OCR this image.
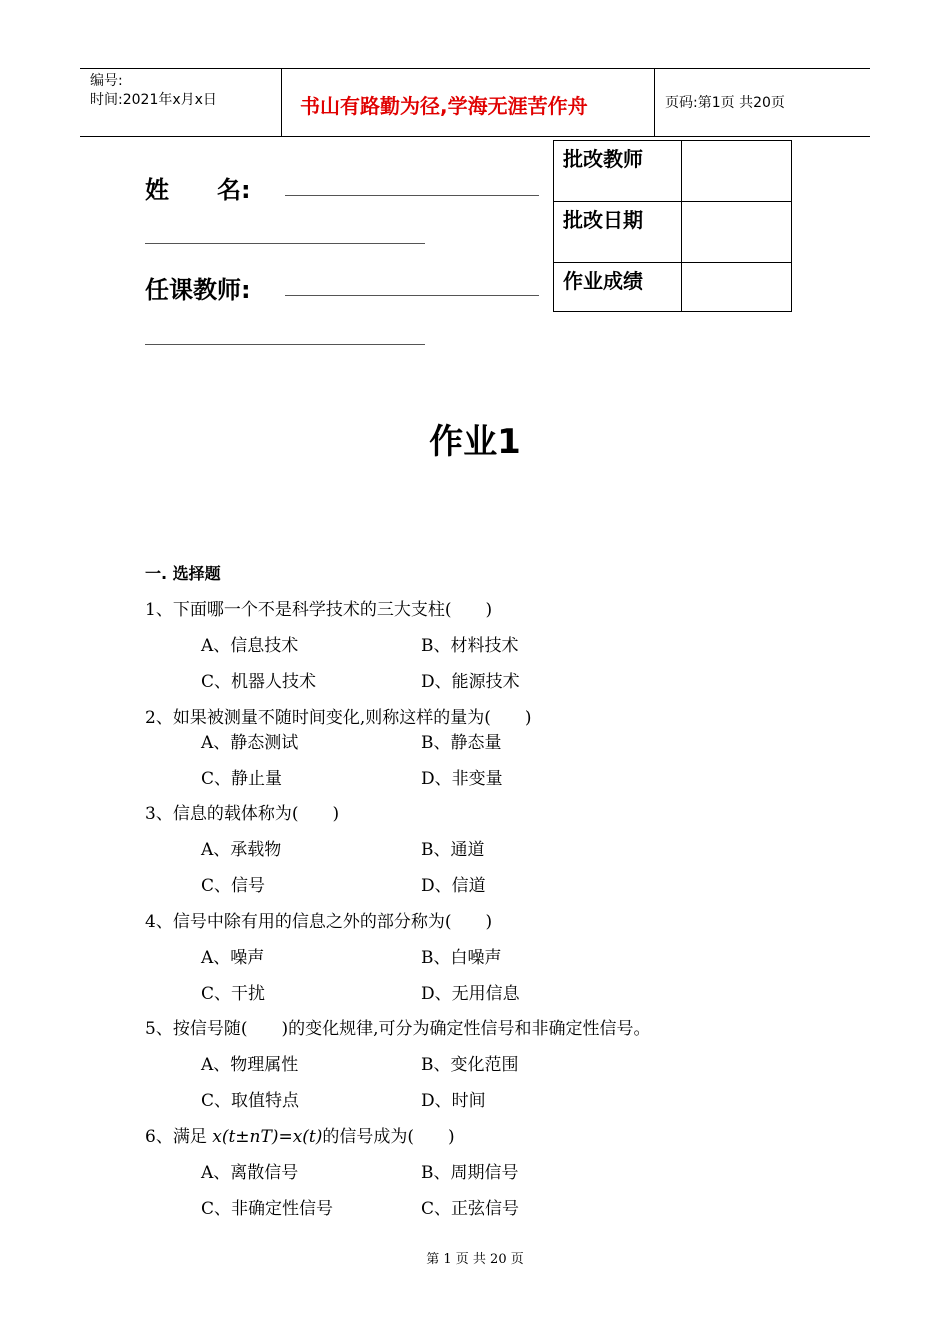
编号:
时间:2021年x月x日	书山有路勤为径,学海无涯苦作舟	页码:第1页 共20页
姓　　名:
任课教师:
批改教师	
批改日期	
作业成绩	
作业1
一. 选择题
1、下面哪一个不是科学技术的三大支柱(　　)
A、信息技术	B、材料技术
C、机器人技术	D、能源技术
2、如果被测量不随时间变化,则称这样的量为(　　)
A、静态测试	B、静态量
C、静止量	D、非变量
3、信息的载体称为(　　)
A、承载物	B、通道
C、信号	D、信道
4、信号中除有用的信息之外的部分称为(　　)
A、噪声	B、白噪声
C、干扰	D、无用信息
5、按信号随(　　)的变化规律,可分为确定性信号和非确定性信号。
A、物理属性	B、变化范围
C、取值特点	D、时间
6、满足 x(t±nT)=x(t)的信号成为(　　)
A、离散信号	B、周期信号
C、非确定性信号	C、正弦信号
第 1 页 共 20 页
